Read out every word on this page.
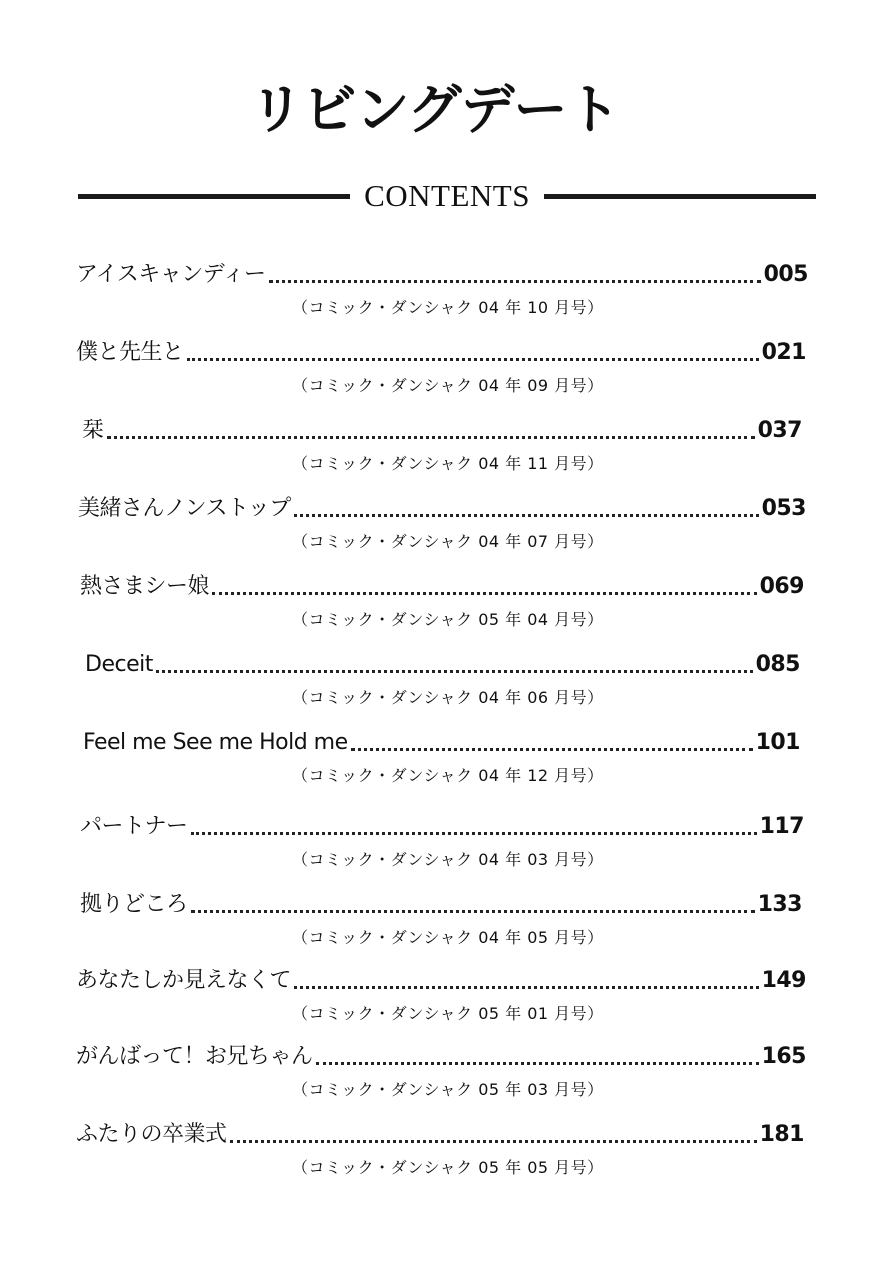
リビングデート
CONTENTS
アイスキャンディー	005
（コミック・ダンシャク 04 年 10 月号）
僕と先生と	021
（コミック・ダンシャク 04 年 09 月号）
栞	037
（コミック・ダンシャク 04 年 11 月号）
美緒さんノンストップ	053
（コミック・ダンシャク 04 年 07 月号）
熱さまシー娘	069
（コミック・ダンシャク 05 年 04 月号）
Deceit	085
（コミック・ダンシャク 04 年 06 月号）
Feel me See me Hold me	101
（コミック・ダンシャク 04 年 12 月号）
パートナー	117
（コミック・ダンシャク 04 年 03 月号）
拠りどころ	133
（コミック・ダンシャク 04 年 05 月号）
あなたしか見えなくて	149
（コミック・ダンシャク 05 年 01 月号）
がんばって！お兄ちゃん	165
（コミック・ダンシャク 05 年 03 月号）
ふたりの卒業式	181
（コミック・ダンシャク 05 年 05 月号）
